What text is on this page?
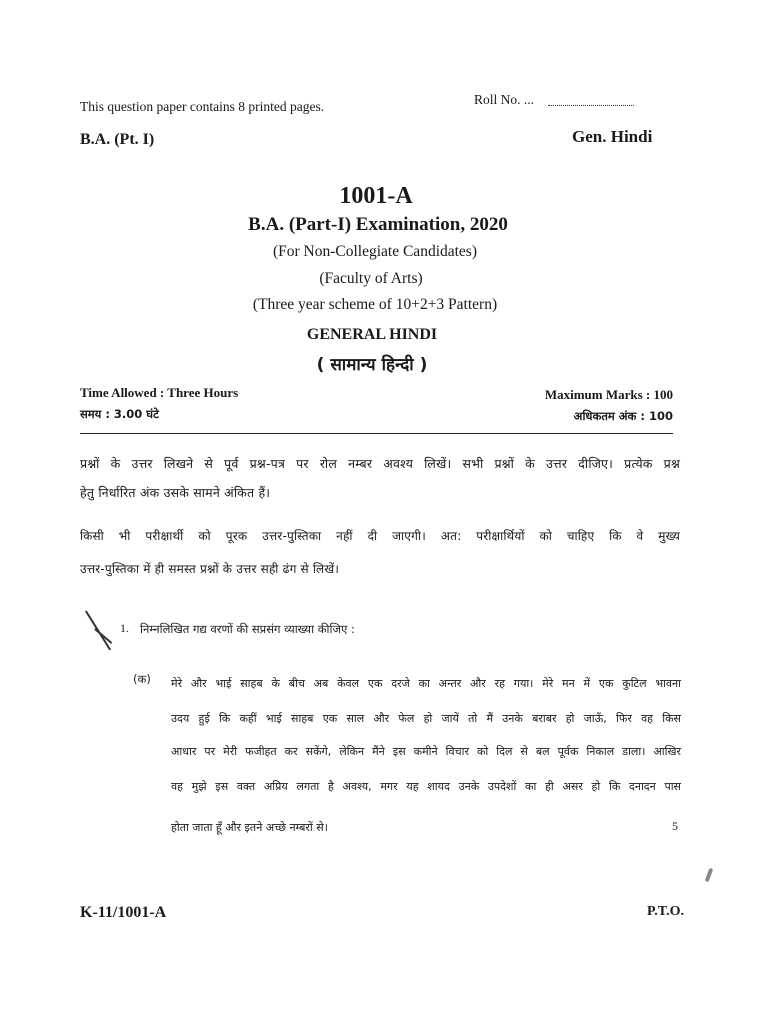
This question paper contains 8 printed pages.	Roll No. ...
B.A. (Pt. I)	Gen. Hindi
1001-A
B.A. (Part-I) Examination, 2020
(For Non-Collegiate Candidates)
(Faculty of Arts)
(Three year scheme of 10+2+3 Pattern)
GENERAL HINDI
( सामान्य हिन्दी )
Time Allowed : Three Hours
समय : 3.00 घंटे
Maximum Marks : 100
अधिकतम अंक : 100
प्रश्नों के उत्तर लिखने से पूर्व प्रश्न-पत्र पर रोल नम्बर अवश्य लिखें। सभी प्रश्नों के उत्तर दीजिए। प्रत्येक प्रश्न
हेतु निर्धारित अंक उसके सामने अंकित हैं।
किसी भी परीक्षार्थी को पूरक उत्तर-पुस्तिका नहीं दी जाएगी। अत: परीक्षार्थियों को चाहिए कि वे मुख्य
उत्तर-पुस्तिका में ही समस्त प्रश्नों के उत्तर सही ढंग से लिखें।
1. निम्नलिखित गद्य वरणों की सप्रसंग व्याख्या कीजिए :
(क) मेरे और भाई साहब के बीच अब केवल एक दरजे का अन्तर और रह गया। मेरे मन में एक कुटिल भावना
उदय हुई कि कहीं भाई साहब एक साल और फेल हो जायें तो मैं उनके बराबर हो जाऊँ, फिर वह किस
आधार पर मेरी फजीहत कर सकेंगे, लेकिन मैंने इस कमीने विचार को दिल से बल पूर्वक निकाल डाला। आखिर
वह मुझे इस वक्त अप्रिय लगता है अवश्य, मगर यह शायद उनके उपदेशों का ही असर हो कि दनादन पास
होता जाता हूँ और इतने अच्छे नम्बरों से।	5
K-11/1001-A	P.T.O.
